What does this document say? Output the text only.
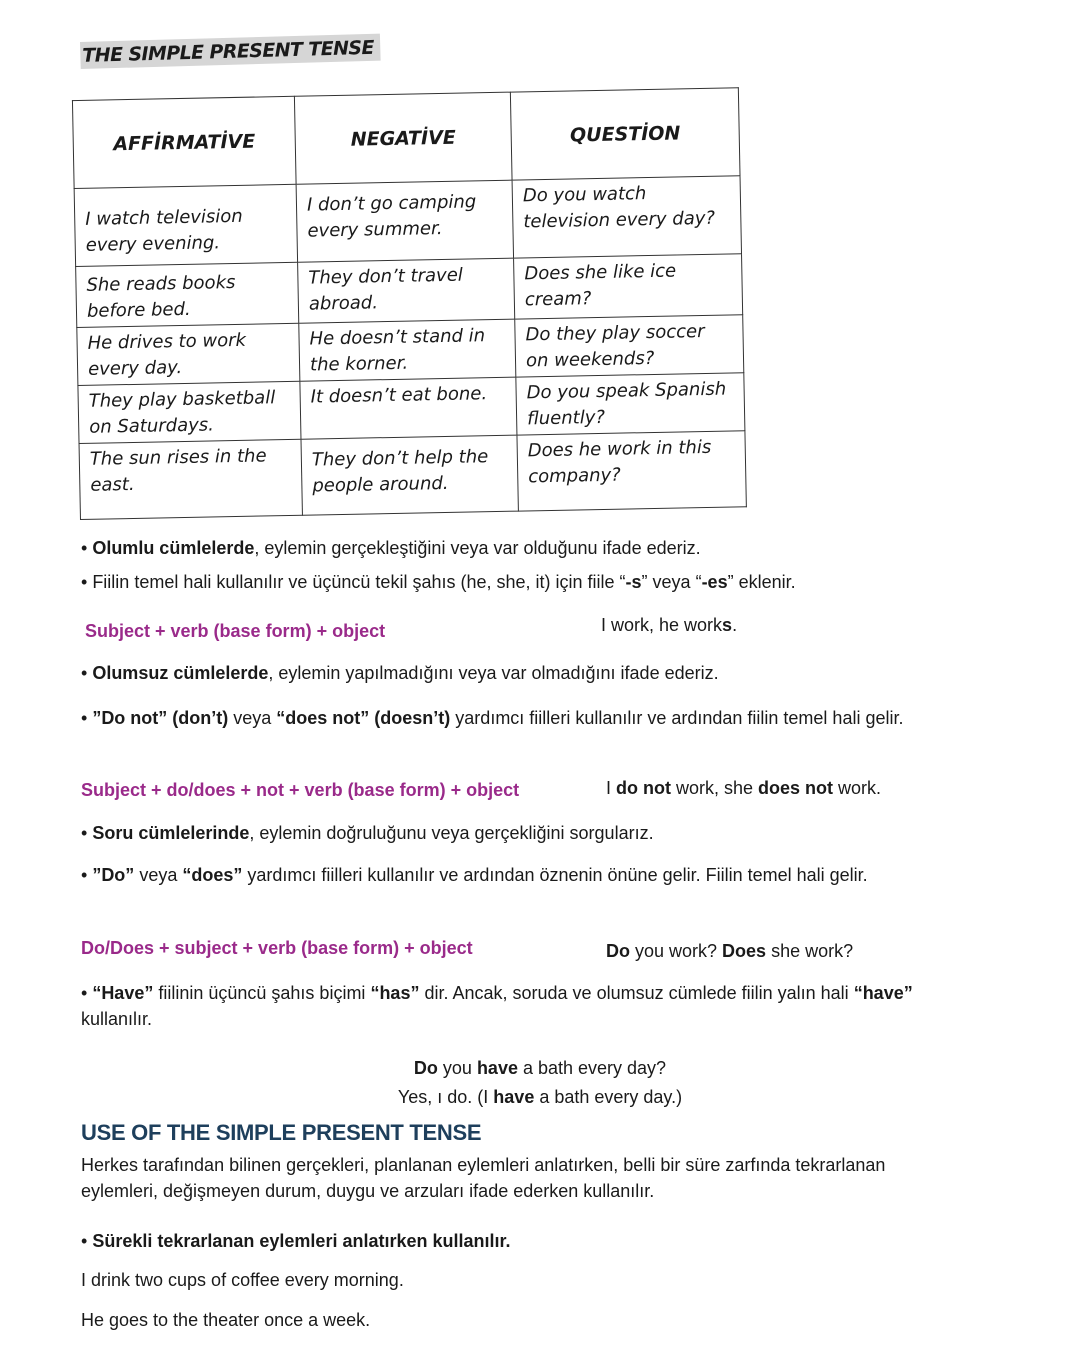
THE SIMPLE PRESENT TENSE
AFFİRMATİVE	NEGATİVE	QUESTİON
I watch television every evening.	I don’t go camping every summer.	Do you watch television every day?
She reads books before bed.	They don’t travel abroad.	Does she like ice cream?
He drives to work every day.	He doesn’t stand in the korner.	Do they play soccer on weekends?
They play basketball on Saturdays.	It doesn’t eat bone.	Do you speak Spanish fluently?
The sun rises in the east.	They don’t help the people around.	Does he work in this company?
• Olumlu cümlelerde, eylemin gerçekleştiğini veya var olduğunu ifade ederiz.
• Fiilin temel hali kullanılır ve üçüncü tekil şahıs (he, she, it) için fiile “-s” veya “-es” eklenir.
Subject + verb (base form) + object	I work, he works.
• Olumsuz cümlelerde, eylemin yapılmadığını veya var olmadığını ifade ederiz.
• ”Do not” (don’t) veya “does not” (doesn’t) yardımcı fiilleri kullanılır ve ardından fiilin temel hali gelir.
Subject + do/does + not + verb (base form) + object	I do not work, she does not work.
• Soru cümlelerinde, eylemin doğruluğunu veya gerçekliğini sorgularız.
• ”Do” veya “does” yardımcı fiilleri kullanılır ve ardından öznenin önüne gelir. Fiilin temel hali gelir.
Do/Does + subject + verb (base form) + object	Do you work? Does she work?
• “Have” fiilinin üçüncü şahıs biçimi “has” dir. Ancak, soruda ve olumsuz cümlede fiilin yalın hali “have” kullanılır.
Do you have a bath every day?
Yes, ı do. (I have a bath every day.)
USE OF THE SIMPLE PRESENT TENSE
Herkes tarafından bilinen gerçekleri, planlanan eylemleri anlatırken, belli bir süre zarfında tekrarlanan eylemleri, değişmeyen durum, duygu ve arzuları ifade ederken kullanılır.
• Sürekli tekrarlanan eylemleri anlatırken kullanılır.
I drink two cups of coffee every morning.
He goes to the theater once a week.
